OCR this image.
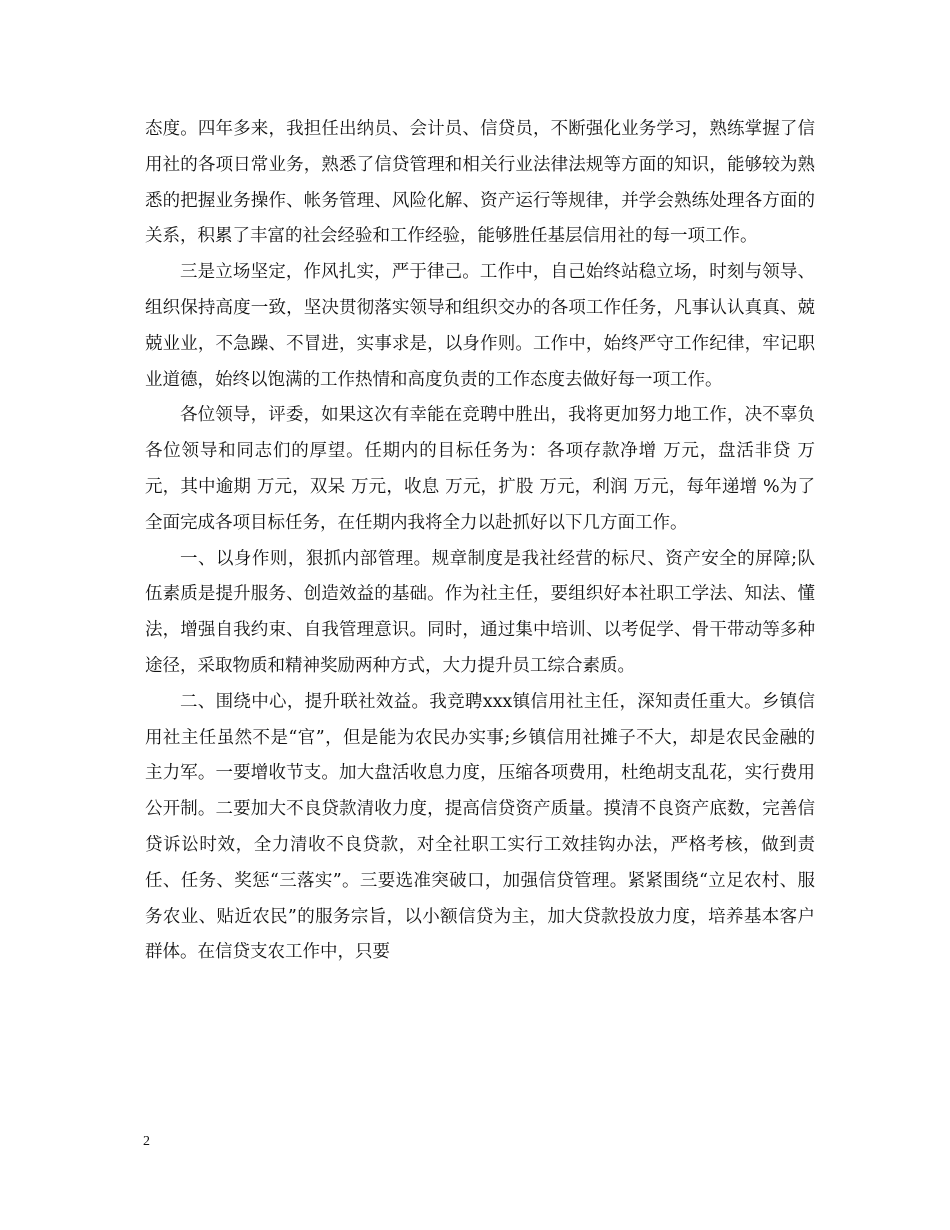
态度。四年多来，我担任出纳员、会计员、信贷员，不断强化业务学习，熟练掌握了信用社的各项日常业务，熟悉了信贷管理和相关行业法律法规等方面的知识，能够较为熟悉的把握业务操作、帐务管理、风险化解、资产运行等规律，并学会熟练处理各方面的关系，积累了丰富的社会经验和工作经验，能够胜任基层信用社的每一项工作。

三是立场坚定，作风扎实，严于律己。工作中，自己始终站稳立场，时刻与领导、组织保持高度一致，坚决贯彻落实领导和组织交办的各项工作任务，凡事认认真真、兢兢业业，不急躁、不冒进，实事求是，以身作则。工作中，始终严守工作纪律，牢记职业道德，始终以饱满的工作热情和高度负责的工作态度去做好每一项工作。

各位领导，评委，如果这次有幸能在竞聘中胜出，我将更加努力地工作，决不辜负各位领导和同志们的厚望。任期内的目标任务为：各项存款净增 万元，盘活非贷 万元，其中逾期 万元，双呆 万元，收息 万元，扩股 万元，利润 万元，每年递增 %为了全面完成各项目标任务，在任期内我将全力以赴抓好以下几方面工作。

一、以身作则，狠抓内部管理。规章制度是我社经营的标尺、资产安全的屏障;队伍素质是提升服务、创造效益的基础。作为社主任，要组织好本社职工学法、知法、懂法，增强自我约束、自我管理意识。同时，通过集中培训、以考促学、骨干带动等多种途径，采取物质和精神奖励两种方式，大力提升员工综合素质。

二、围绕中心，提升联社效益。我竞聘xxx镇信用社主任，深知责任重大。乡镇信用社主任虽然不是“官”，但是能为农民办实事;乡镇信用社摊子不大，却是农民金融的主力军。一要增收节支。加大盘活收息力度，压缩各项费用，杜绝胡支乱花，实行费用公开制。二要加大不良贷款清收力度，提高信贷资产质量。摸清不良资产底数，完善信贷诉讼时效，全力清收不良贷款，对全社职工实行工效挂钩办法，严格考核，做到责任、任务、奖惩“三落实”。三要选准突破口，加强信贷管理。紧紧围绕“立足农村、服务农业、贴近农民”的服务宗旨，以小额信贷为主，加大贷款投放力度，培养基本客户群体。在信贷支农工作中，只要

2
